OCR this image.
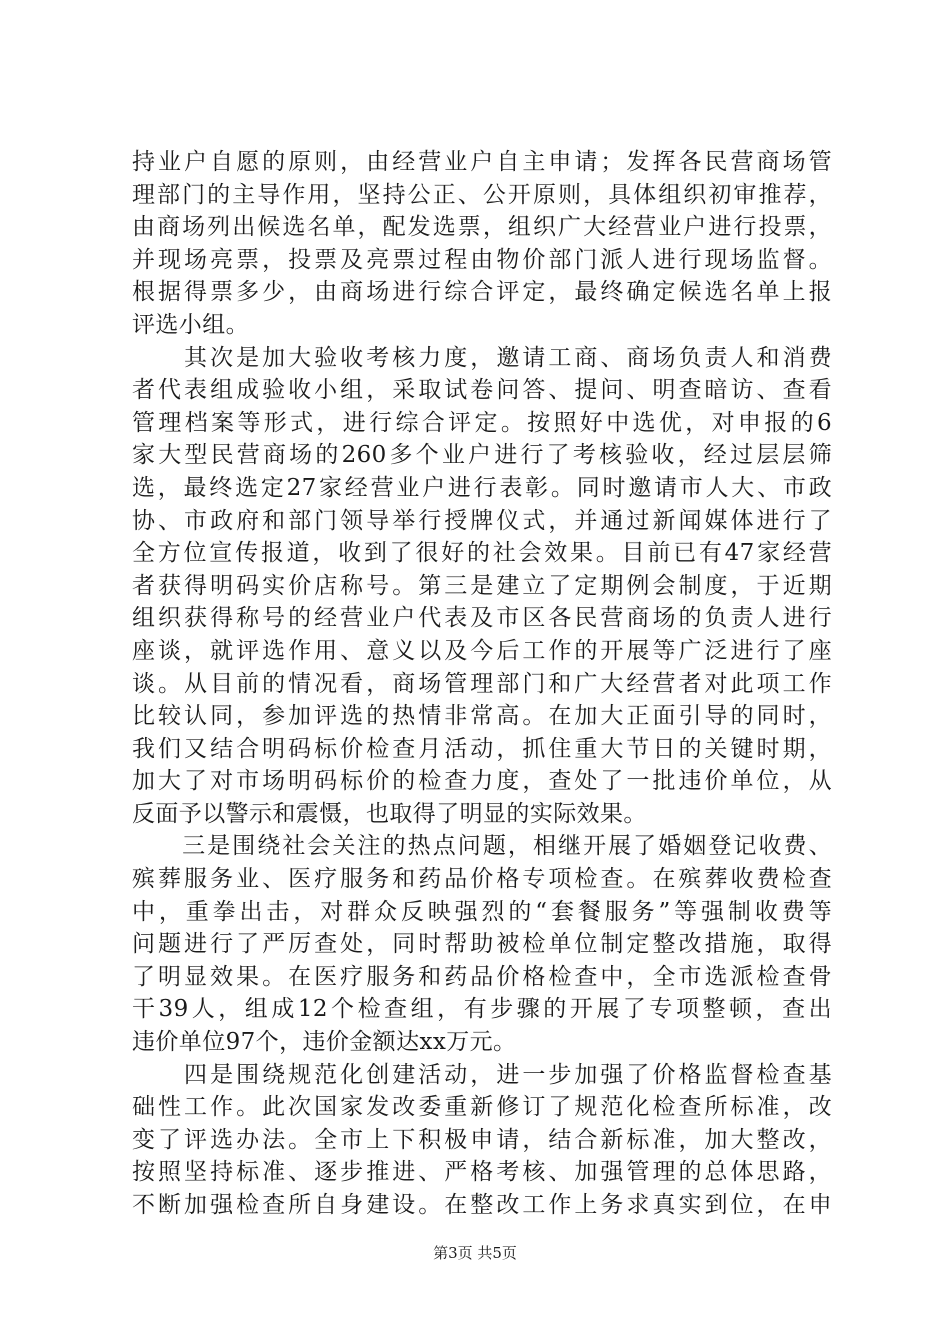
持业户自愿的原则，由经营业户自主申请；发挥各民营商场管
理部门的主导作用，坚持公正、公开原则，具体组织初审推荐，
由商场列出候选名单，配发选票，组织广大经营业户进行投票，
并现场亮票，投票及亮票过程由物价部门派人进行现场监督。
根据得票多少，由商场进行综合评定，最终确定候选名单上报
评选小组。
　　其次是加大验收考核力度，邀请工商、商场负责人和消费
者代表组成验收小组，采取试卷问答、提问、明查暗访、查看
管理档案等形式，进行综合评定。按照好中选优，对申报的6
家大型民营商场的260多个业户进行了考核验收，经过层层筛
选，最终选定27家经营业户进行表彰。同时邀请市人大、市政
协、市政府和部门领导举行授牌仪式，并通过新闻媒体进行了
全方位宣传报道，收到了很好的社会效果。目前已有47家经营
者获得明码实价店称号。第三是建立了定期例会制度，于近期
组织获得称号的经营业户代表及市区各民营商场的负责人进行
座谈，就评选作用、意义以及今后工作的开展等广泛进行了座
谈。从目前的情况看，商场管理部门和广大经营者对此项工作
比较认同，参加评选的热情非常高。在加大正面引导的同时，
我们又结合明码标价检查月活动，抓住重大节日的关键时期，
加大了对市场明码标价的检查力度，查处了一批违价单位，从
反面予以警示和震慑，也取得了明显的实际效果。
　　三是围绕社会关注的热点问题，相继开展了婚姻登记收费、
殡葬服务业、医疗服务和药品价格专项检查。在殡葬收费检查
中，重拳出击，对群众反映强烈的“套餐服务”等强制收费等
问题进行了严厉查处，同时帮助被检单位制定整改措施，取得
了明显效果。在医疗服务和药品价格检查中，全市选派检查骨
干39人，组成12个检查组，有步骤的开展了专项整顿，查出
违价单位97个，违价金额达xx万元。
　　四是围绕规范化创建活动，进一步加强了价格监督检查基
础性工作。此次国家发改委重新修订了规范化检查所标准，改
变了评选办法。全市上下积极申请，结合新标准，加大整改，
按照坚持标准、逐步推进、严格考核、加强管理的总体思路，
不断加强检查所自身建设。在整改工作上务求真实到位，在申
第3页 共5页
